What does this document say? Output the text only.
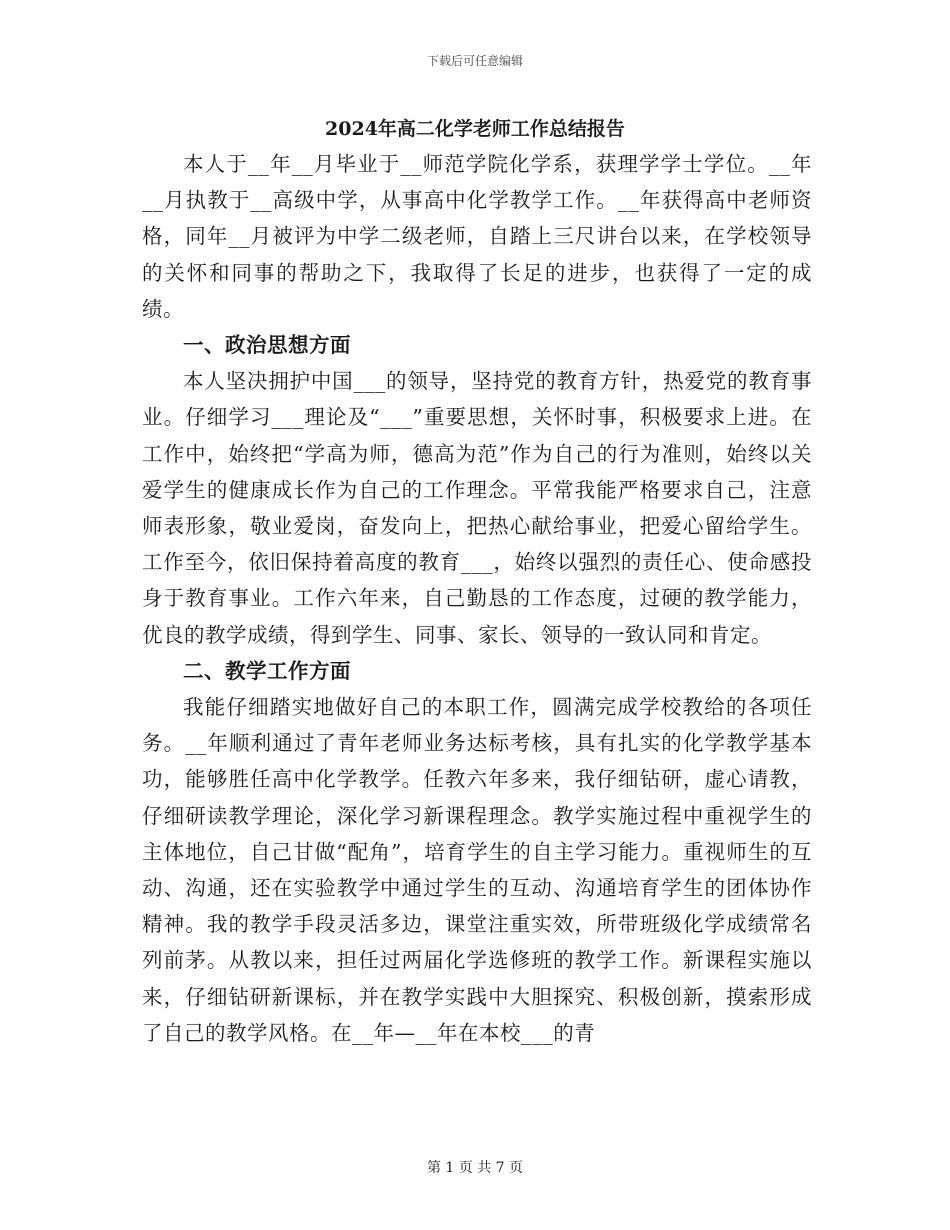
下载后可任意编辑
2024年高二化学老师工作总结报告

本人于__年__月毕业于__师范学院化学系，获理学学士学位。__年__月执教于__高级中学，从事高中化学教学工作。__年获得高中老师资格，同年__月被评为中学二级老师，自踏上三尺讲台以来，在学校领导的关怀和同事的帮助之下，我取得了长足的进步，也获得了一定的成绩。

一、政治思想方面

本人坚决拥护中国___的领导，坚持党的教育方针，热爱党的教育事业。仔细学习___理论及“___”重要思想，关怀时事，积极要求上进。在工作中，始终把“学高为师，德高为范”作为自己的行为准则，始终以关爱学生的健康成长作为自己的工作理念。平常我能严格要求自己，注意师表形象，敬业爱岗，奋发向上，把热心献给事业，把爱心留给学生。工作至今，依旧保持着高度的教育___，始终以强烈的责任心、使命感投身于教育事业。工作六年来，自己勤恳的工作态度，过硬的教学能力，优良的教学成绩，得到学生、同事、家长、领导的一致认同和肯定。

二、教学工作方面

我能仔细踏实地做好自己的本职工作，圆满完成学校教给的各项任务。__年顺利通过了青年老师业务达标考核，具有扎实的化学教学基本功，能够胜任高中化学教学。任教六年多来，我仔细钻研，虚心请教，仔细研读教学理论，深化学习新课程理念。教学实施过程中重视学生的主体地位，自己甘做“配角”，培育学生的自主学习能力。重视师生的互动、沟通，还在实验教学中通过学生的互动、沟通培育学生的团体协作精神。我的教学手段灵活多边，课堂注重实效，所带班级化学成绩常名列前茅。从教以来，担任过两届化学选修班的教学工作。新课程实施以来，仔细钻研新课标，并在教学实践中大胆探究、积极创新，摸索形成了自己的教学风格。在__年—__年在本校___的青

第 1 页 共 7 页
